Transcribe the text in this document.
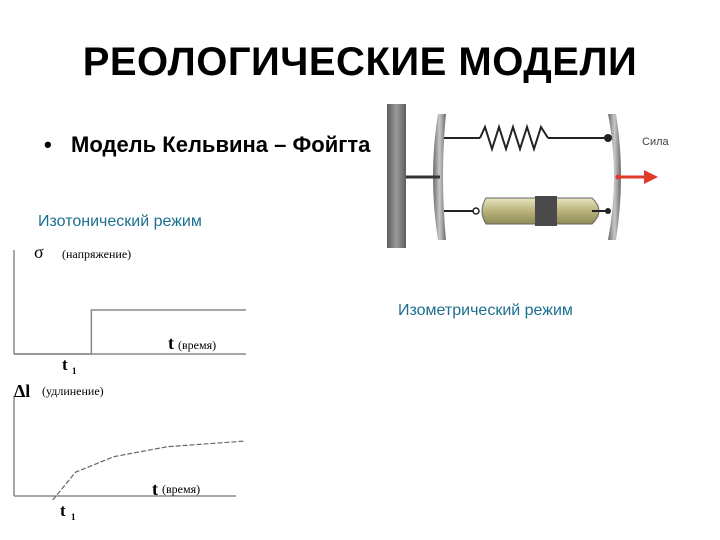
РЕОЛОГИЧЕСКИЕ МОДЕЛИ
• Модель Кельвина – Фойгта
Изотонический режим
Изометрический режим
Сила
σ (напряжение)
t (время)
t 1
Δl (удлинение)
t (время)
t 1
